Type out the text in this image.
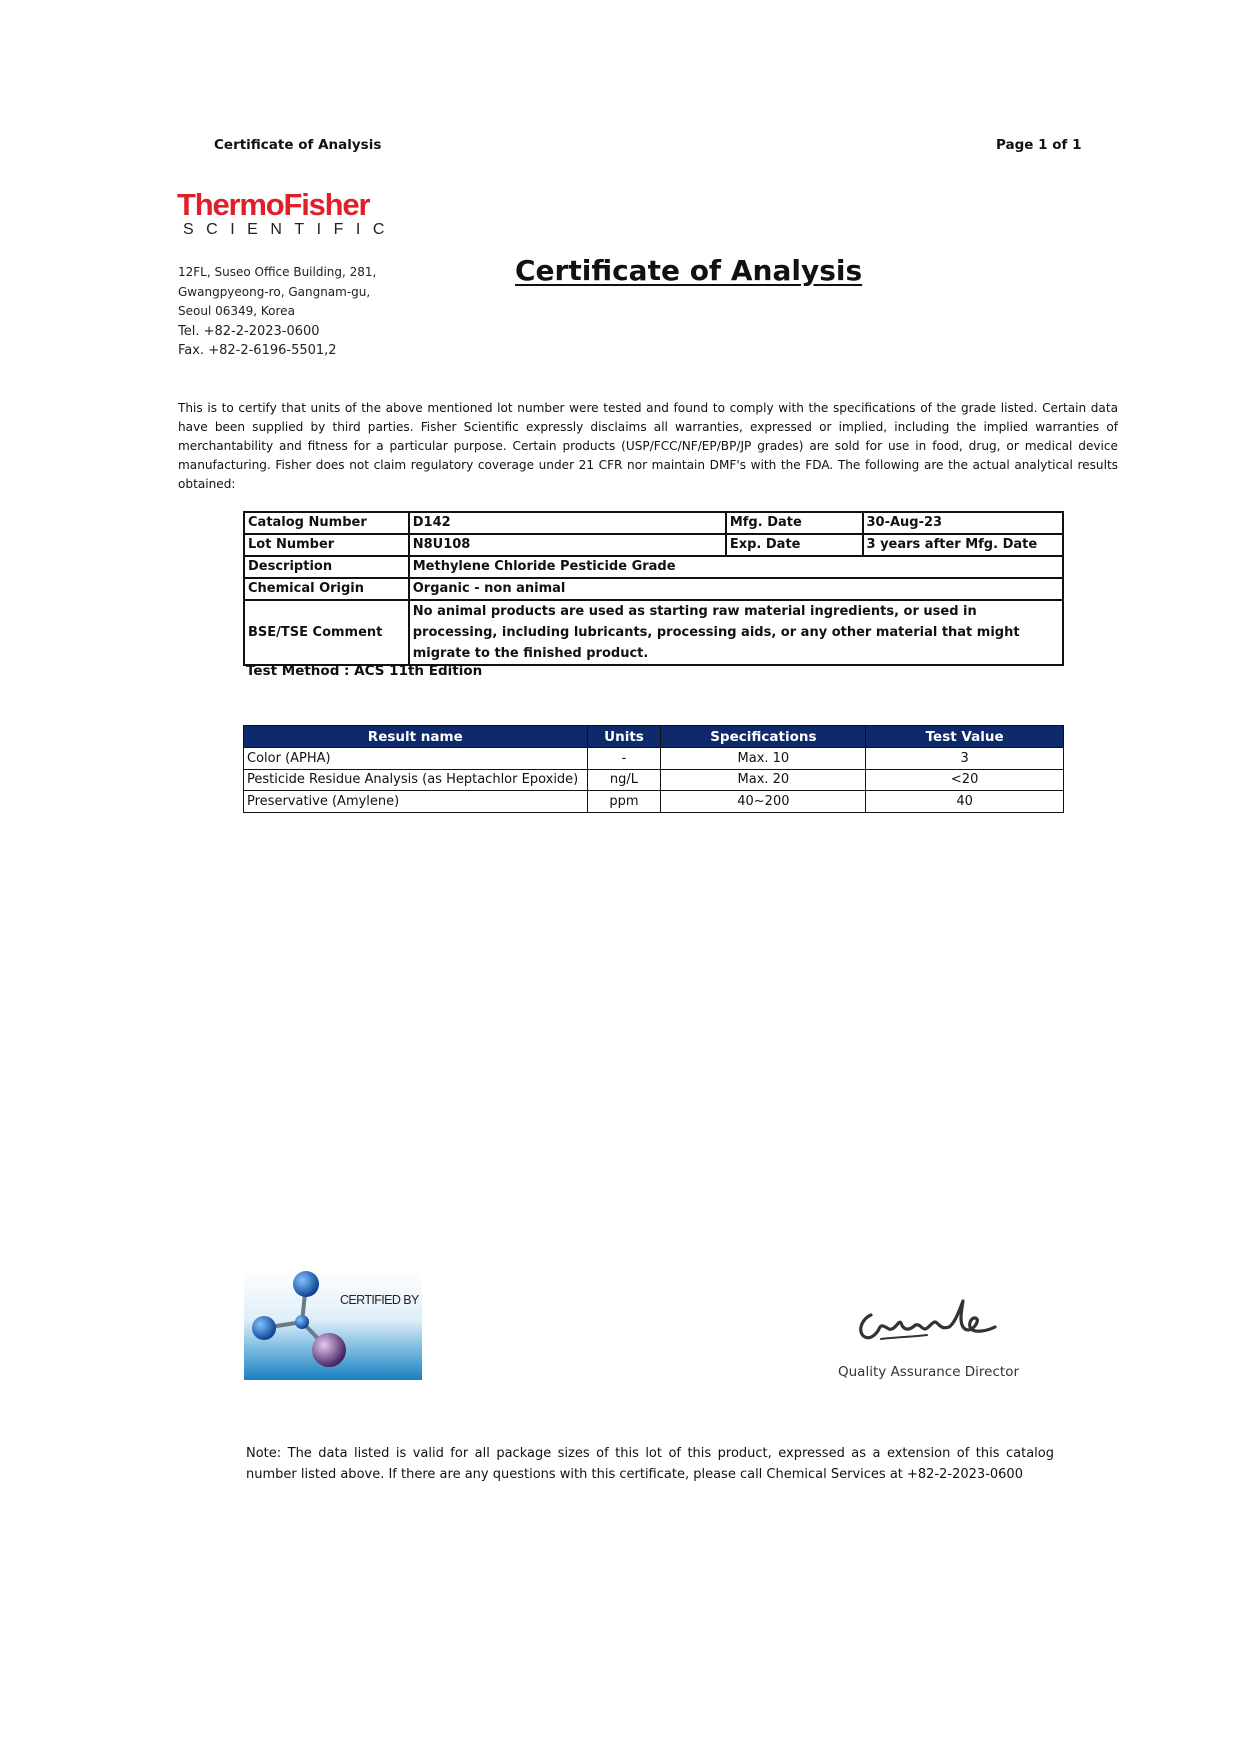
Certificate of Analysis	Page 1 of 1
ThermoFisher
SCIENTIFIC
12FL, Suseo Office Building, 281,
Gwangpyeong-ro, Gangnam-gu,
Seoul 06349, Korea
Tel. +82-2-2023-0600
Fax. +82-2-6196-5501,2
Certificate of Analysis
This is to certify that units of the above mentioned lot number were tested and found to comply with the specifications of the grade listed. Certain data have been supplied by third parties. Fisher Scientific expressly disclaims all warranties, expressed or implied, including the implied warranties of merchantability and fitness for a particular purpose. Certain products (USP/FCC/NF/EP/BP/JP grades) are sold for use in food, drug, or medical device manufacturing. Fisher does not claim regulatory coverage under 21 CFR nor maintain DMF's with the FDA. The following are the actual analytical results obtained:
Catalog Number	D142	Mfg. Date	30-Aug-23
Lot Number	N8U108	Exp. Date	3 years after Mfg. Date
Description	Methylene Chloride Pesticide Grade		
Chemical Origin	Organic - non animal		
BSE/TSE Comment	No animal products are used as starting raw material ingredients, or used in processing, including lubricants, processing aids, or any other material that might migrate to the finished product.		
Test Method : ACS 11th Edition
Result name	Units	Specifications	Test Value
Color (APHA)	-	Max. 10	3
Pesticide Residue Analysis (as Heptachlor Epoxide)	ng/L	Max. 20	<20
Preservative (Amylene)	ppm	40~200	40
CERTIFIED BY
Quality Assurance Director
Note: The data listed is valid for all package sizes of this lot of this product, expressed as a extension of this catalog number listed above. If there are any questions with this certificate, please call Chemical Services at +82-2-2023-0600
